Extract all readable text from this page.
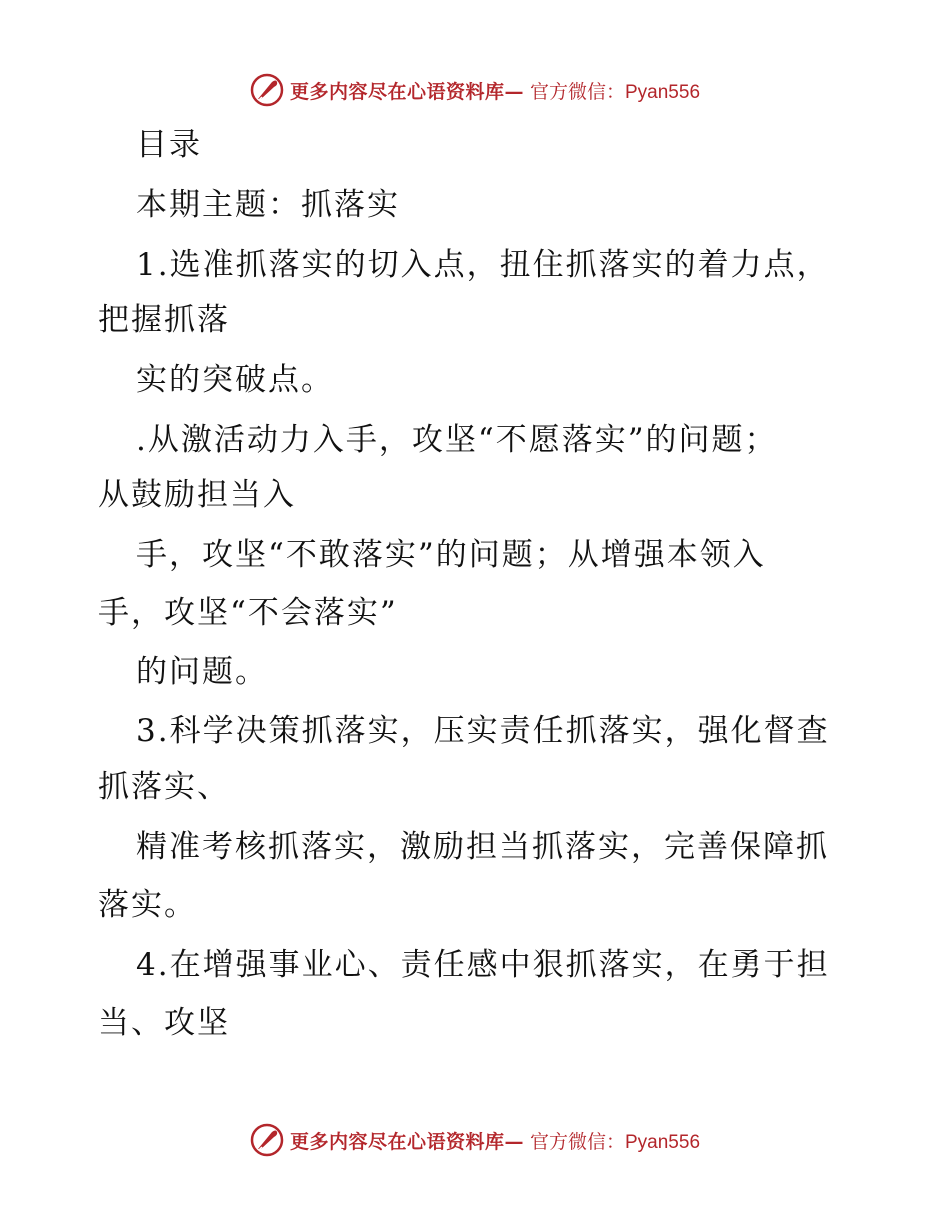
更多内容尽在心语资料库— 官方微信：Pyan556
目录
本期主题：抓落实
1.选准抓落实的切入点，扭住抓落实的着力点，
把握抓落
实的突破点。
.从激活动力入手，攻坚“不愿落实”的问题；
从鼓励担当入
手，攻坚“不敢落实”的问题；从增强本领入
手，攻坚“不会落实”
的问题。
3.科学决策抓落实，压实责任抓落实，强化督查
抓落实、
精准考核抓落实，激励担当抓落实，完善保障抓
落实。
4.在增强事业心、责任感中狠抓落实，在勇于担
当、攻坚
更多内容尽在心语资料库— 官方微信：Pyan556
